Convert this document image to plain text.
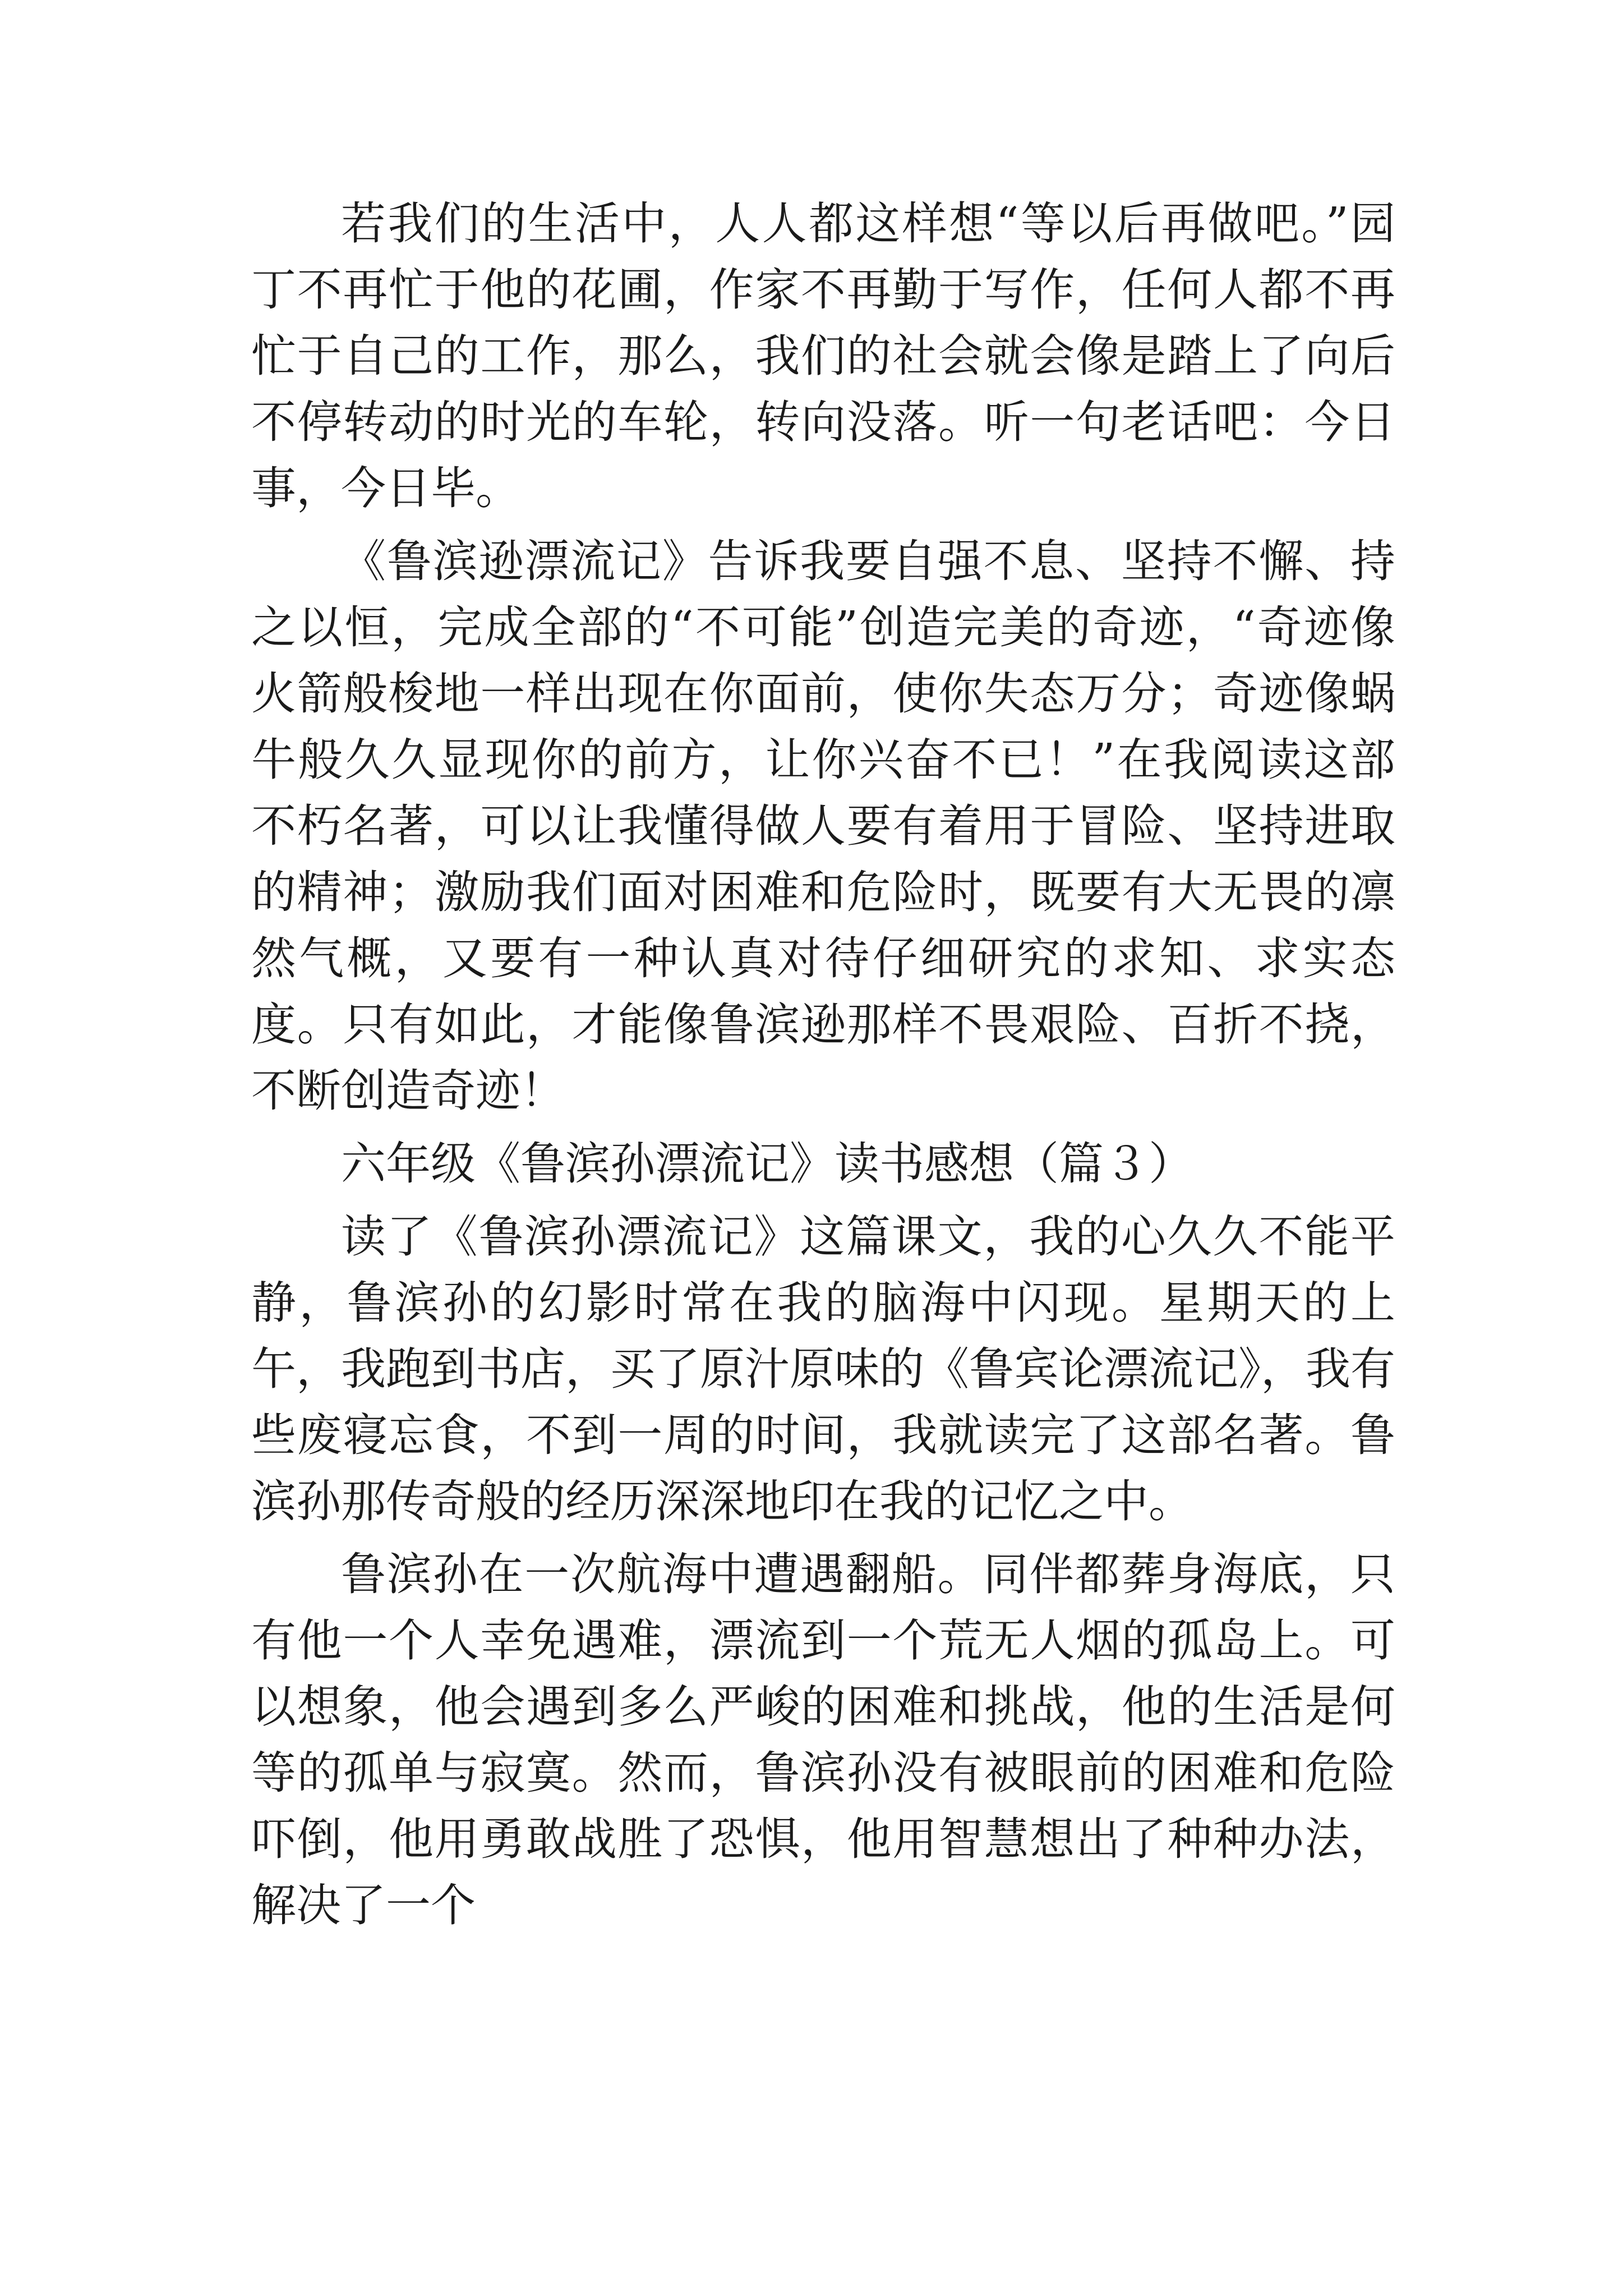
若我们的生活中，人人都这样想“等以后再做吧。”园丁不再忙于他的花圃，作家不再勤于写作，任何人都不再忙于自己的工作，那么，我们的社会就会像是踏上了向后不停转动的时光的车轮，转向没落。听一句老话吧：今日事，今日毕。

《鲁滨逊漂流记》告诉我要自强不息、坚持不懈、持之以恒，完成全部的“不可能”创造完美的奇迹，“奇迹像火箭般梭地一样出现在你面前，使你失态万分；奇迹像蜗牛般久久显现你的前方，让你兴奋不已！”在我阅读这部不朽名著，可以让我懂得做人要有着用于冒险、坚持进取的精神；激励我们面对困难和危险时，既要有大无畏的凛然气概，又要有一种认真对待仔细研究的求知、求实态度。只有如此，才能像鲁滨逊那样不畏艰险、百折不挠，不断创造奇迹！

六年级《鲁滨孙漂流记》读书感想（篇３）

读了《鲁滨孙漂流记》这篇课文，我的心久久不能平静，鲁滨孙的幻影时常在我的脑海中闪现。星期天的上午，我跑到书店，买了原汁原味的《鲁宾论漂流记》，我有些废寝忘食，不到一周的时间，我就读完了这部名著。鲁滨孙那传奇般的经历深深地印在我的记忆之中。

鲁滨孙在一次航海中遭遇翻船。同伴都葬身海底，只有他一个人幸免遇难，漂流到一个荒无人烟的孤岛上。可以想象，他会遇到多么严峻的困难和挑战，他的生活是何等的孤单与寂寞。然而，鲁滨孙没有被眼前的困难和危险吓倒，他用勇敢战胜了恐惧，他用智慧想出了种种办法，解决了一个
